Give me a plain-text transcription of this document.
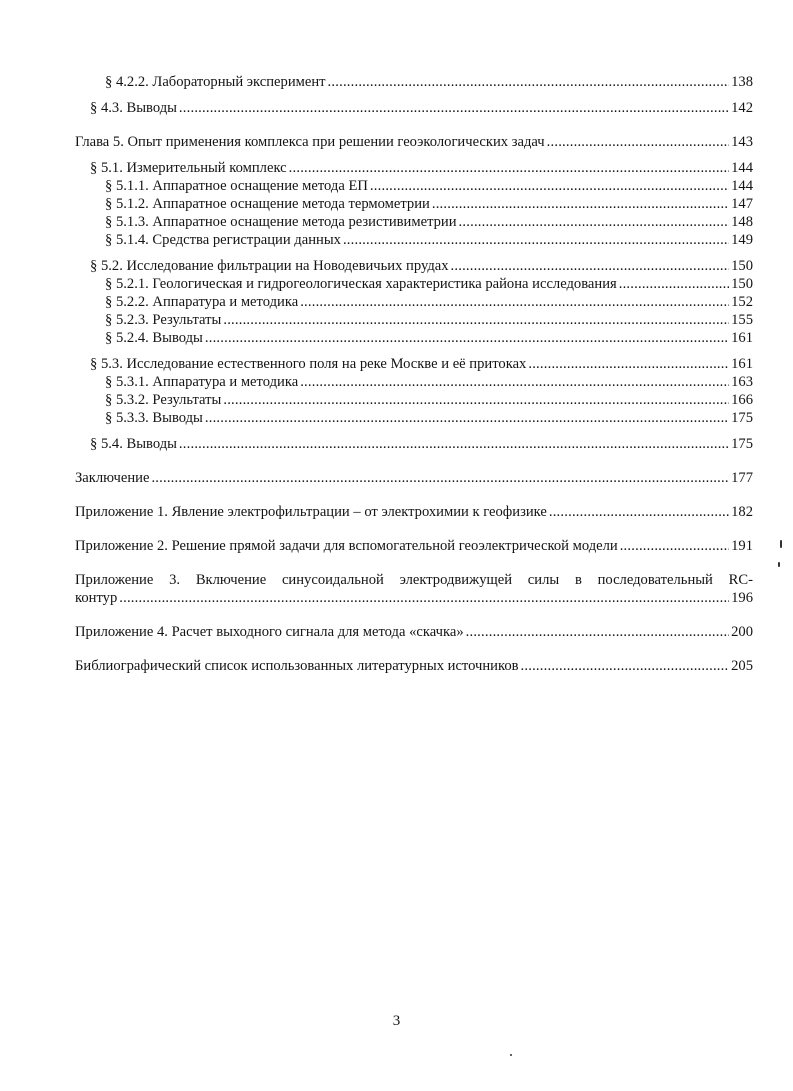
§ 4.2.2. Лабораторный эксперимент .....	138
§ 4.3. Выводы .....	142
Глава 5. Опыт применения комплекса при решении геоэкологических задач .....	143
§ 5.1. Измерительный комплекс .....	144
§ 5.1.1. Аппаратное оснащение метода ЕП .....	144
§ 5.1.2. Аппаратное оснащение метода термометрии .....	147
§ 5.1.3. Аппаратное оснащение метода резистивиметрии .....	148
§ 5.1.4. Средства регистрации данных .....	149
§ 5.2. Исследование фильтрации на Новодевичьих прудах .....	150
§ 5.2.1. Геологическая и гидрогеологическая характеристика района исследования .....	150
§ 5.2.2. Аппаратура и методика .....	152
§ 5.2.3. Результаты .....	155
§ 5.2.4. Выводы .....	161
§ 5.3. Исследование естественного поля на реке Москве и её притоках .....	161
§ 5.3.1. Аппаратура и методика .....	163
§ 5.3.2. Результаты .....	166
§ 5.3.3. Выводы .....	175
§ 5.4. Выводы .....	175
Заключение .....	177
Приложение 1. Явление электрофильтрации – от электрохимии к геофизике .....	182
Приложение 2. Решение прямой задачи для вспомогательной геоэлектрической модели .....	191
Приложение 3. Включение синусоидальной электродвижущей силы в последовательный RC-
контур .....	196
Приложение 4. Расчет выходного сигнала для метода «скачка» .....	200
Библиографический список использованных литературных источников .....	205
3
